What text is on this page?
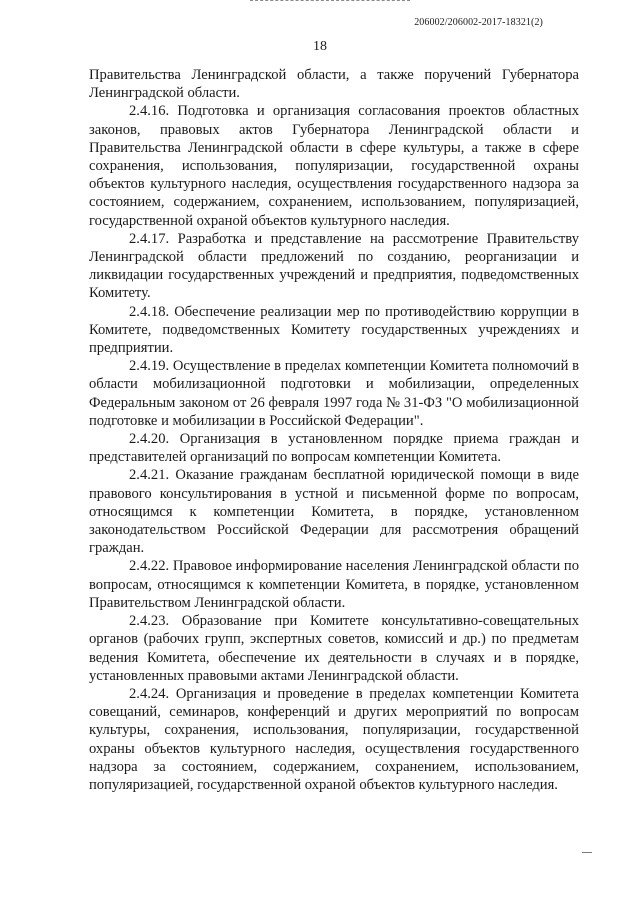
206002/206002-2017-18321(2)
18

Правительства Ленинградской области, а также поручений Губернатора Ленинградской области.

2.4.16. Подготовка и организация согласования проектов областных законов, правовых актов Губернатора Ленинградской области и Правительства Ленинградской области в сфере культуры, а также в сфере сохранения, использования, популяризации, государственной охраны объектов культурного наследия, осуществления государственного надзора за состоянием, содержанием, сохранением, использованием, популяризацией, государственной охраной объектов культурного наследия.

2.4.17. Разработка и представление на рассмотрение Правительству Ленинградской области предложений по созданию, реорганизации и ликвидации государственных учреждений и предприятия, подведомственных Комитету.

2.4.18. Обеспечение реализации мер по противодействию коррупции в Комитете, подведомственных Комитету государственных учреждениях и предприятии.

2.4.19. Осуществление в пределах компетенции Комитета полномочий в области мобилизационной подготовки и мобилизации, определенных Федеральным законом от 26 февраля 1997 года № 31-ФЗ "О мобилизационной подготовке и мобилизации в Российской Федерации".

2.4.20. Организация в установленном порядке приема граждан и представителей организаций по вопросам компетенции Комитета.

2.4.21. Оказание гражданам бесплатной юридической помощи в виде правового консультирования в устной и письменной форме по вопросам, относящимся к компетенции Комитета, в порядке, установленном законодательством Российской Федерации для рассмотрения обращений граждан.

2.4.22. Правовое информирование населения Ленинградской области по вопросам, относящимся к компетенции Комитета, в порядке, установленном Правительством Ленинградской области.

2.4.23. Образование при Комитете консультативно-совещательных органов (рабочих групп, экспертных советов, комиссий и др.) по предметам ведения Комитета, обеспечение их деятельности в случаях и в порядке, установленных правовыми актами Ленинградской области.

2.4.24. Организация и проведение в пределах компетенции Комитета совещаний, семинаров, конференций и других мероприятий по вопросам культуры, сохранения, использования, популяризации, государственной охраны объектов культурного наследия, осуществления государственного надзора за состоянием, содержанием, сохранением, использованием, популяризацией, государственной охраной объектов культурного наследия.
